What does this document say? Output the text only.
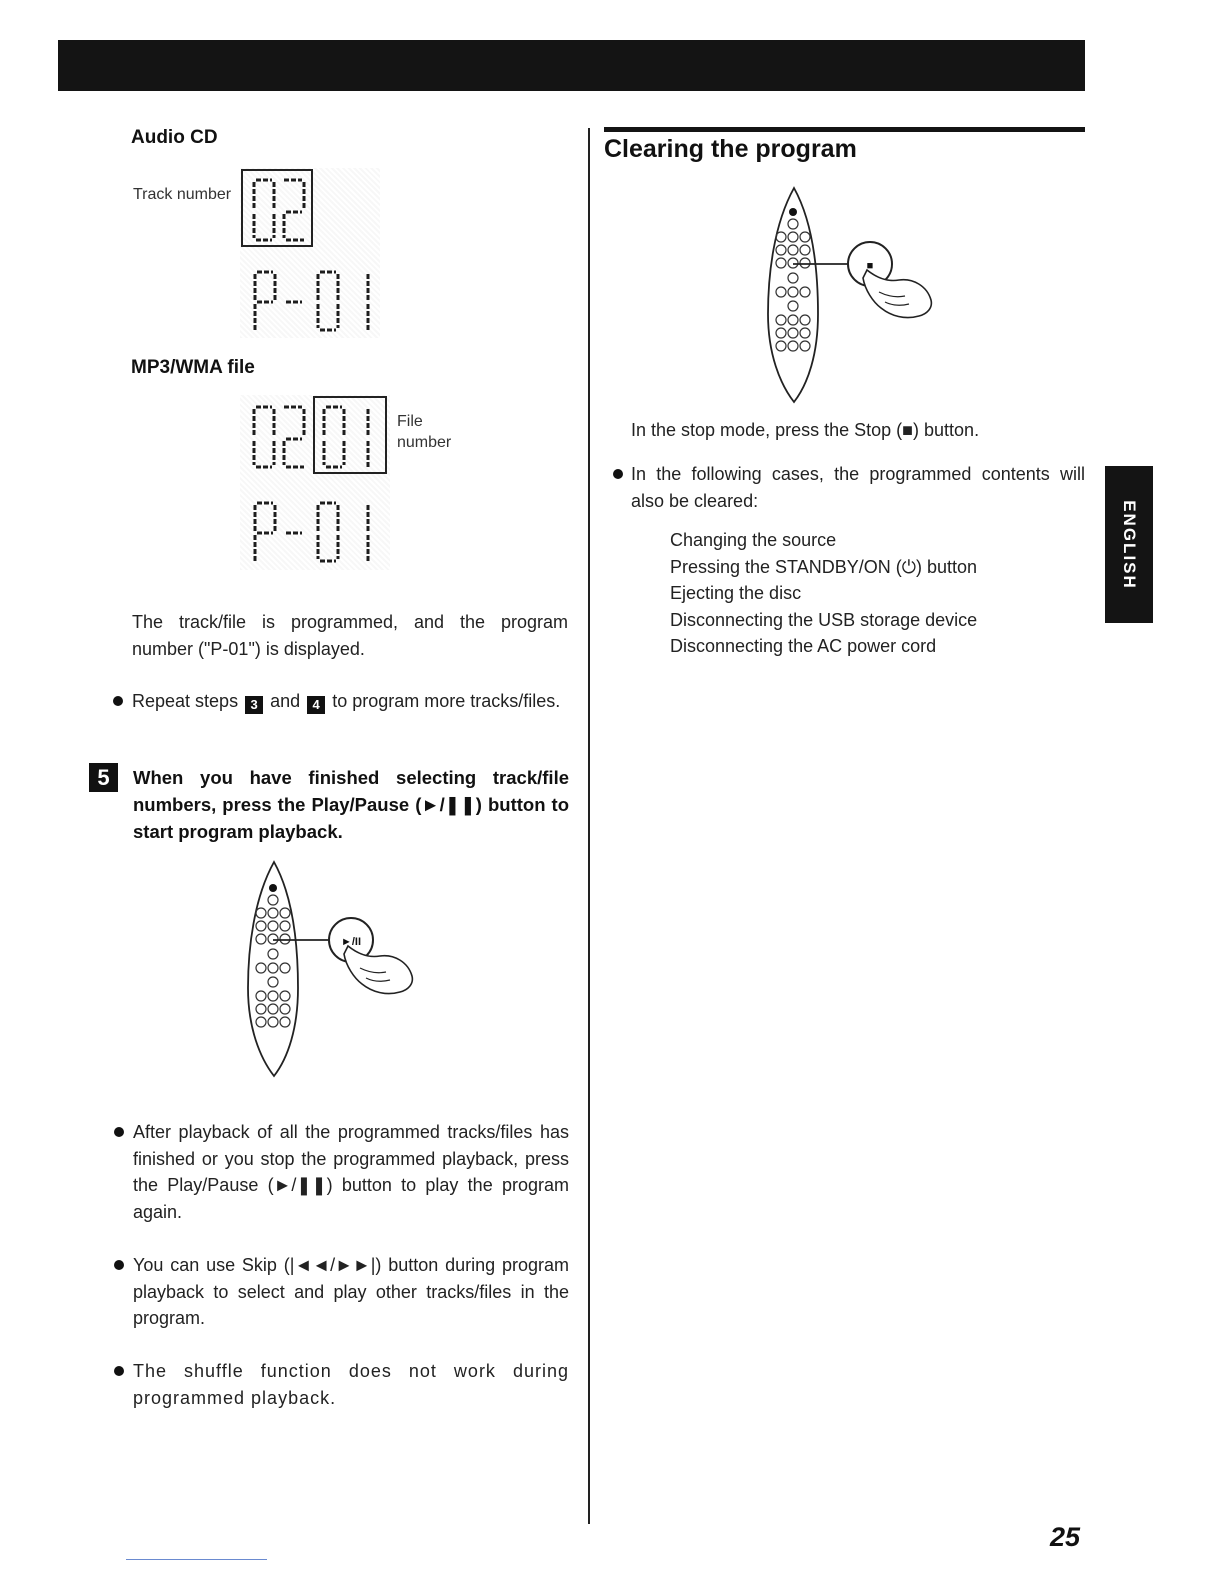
Audio CD
Track number
MP3/WMA file
File
number
The track/file is programmed, and the program number ("P-01") is displayed.
Repeat steps 3 and 4 to program more tracks/files.
5	When you have finished selecting track/file numbers, press the Play/Pause (►/❚❚) button to start program playback.
►/II
After playback of all the programmed tracks/files has finished or you stop the programmed playback, press the Play/Pause (►/❚❚) button to play the program again.
You can use Skip (|◄◄/►►|) button during program playback to select and play other tracks/files in the program.
The shuffle function does not work during programmed playback.
Clearing the program
■
In the stop mode, press the Stop (■) button.
In the following cases, the programmed contents will also be cleared:
Changing the source
Pressing the STANDBY/ON (⏻) button
Ejecting the disc
Disconnecting the USB storage device
Disconnecting the AC power cord
ENGLISH
25
